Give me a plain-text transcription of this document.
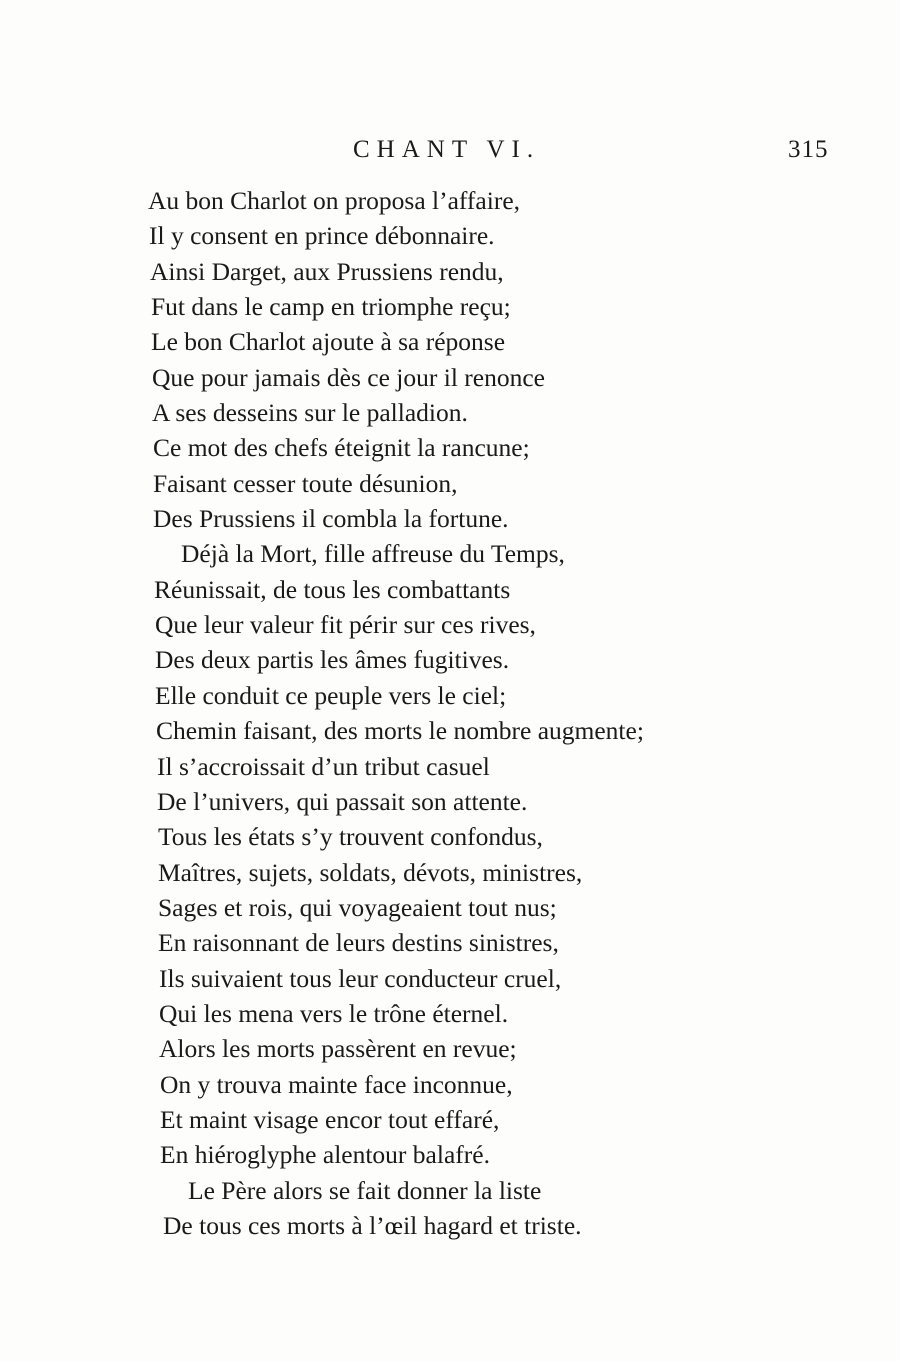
CHANT VI.	315
Au bon Charlot on proposa l’affaire,
Il y consent en prince débonnaire.
Ainsi Darget, aux Prussiens rendu,
Fut dans le camp en triomphe reçu;
Le bon Charlot ajoute à sa réponse
Que pour jamais dès ce jour il renonce
A ses desseins sur le palladion.
Ce mot des chefs éteignit la rancune;
Faisant cesser toute désunion,
Des Prussiens il combla la fortune.
Déjà la Mort, fille affreuse du Temps,
Réunissait, de tous les combattants
Que leur valeur fit périr sur ces rives,
Des deux partis les âmes fugitives.
Elle conduit ce peuple vers le ciel;
Chemin faisant, des morts le nombre augmente;
Il s’accroissait d’un tribut casuel
De l’univers, qui passait son attente.
Tous les états s’y trouvent confondus,
Maîtres, sujets, soldats, dévots, ministres,
Sages et rois, qui voyageaient tout nus;
En raisonnant de leurs destins sinistres,
Ils suivaient tous leur conducteur cruel,
Qui les mena vers le trône éternel.
Alors les morts passèrent en revue;
On y trouva mainte face inconnue,
Et maint visage encor tout effaré,
En hiéroglyphe alentour balafré.
Le Père alors se fait donner la liste
De tous ces morts à l’œil hagard et triste.
